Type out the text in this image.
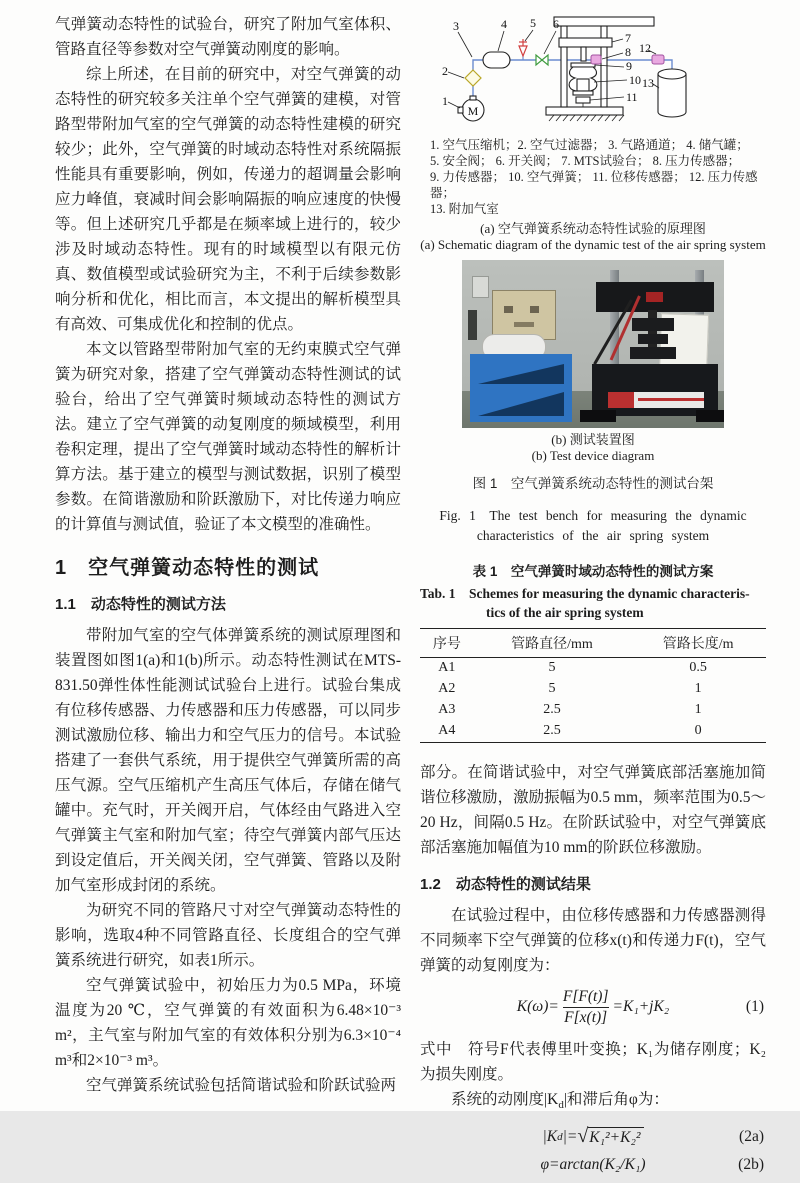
气弹簧动态特性的试验台，研究了附加气室体积、管路直径等参数对空气弹簧动刚度的影响。

综上所述，在目前的研究中，对空气弹簧的动态特性的研究较多关注单个空气弹簧的建模，对管路型带附加气室的空气弹簧的动态特性建模的研究较少；此外，空气弹簧的时域动态特性对系统隔振性能具有重要影响，例如，传递力的超调量会影响应力峰值，衰减时间会影响隔振的响应速度的快慢等。但上述研究几乎都是在频率域上进行的，较少涉及时域动态特性。现有的时域模型以有限元仿真、数值模型或试验研究为主，不利于后续参数影响分析和优化，相比而言，本文提出的解析模型具有高效、可集成优化和控制的优点。

本文以管路型带附加气室的无约束膜式空气弹簧为研究对象，搭建了空气弹簧动态特性测试的试验台，给出了空气弹簧时频域动态特性的测试方法。建立了空气弹簧的动复刚度的频域模型，利用卷积定理，提出了空气弹簧时域动态特性的解析计算方法。基于建立的模型与测试数据，识别了模型参数。在简谐激励和阶跃激励下，对比传递力响应的计算值与测试值，验证了本文模型的准确性。

1　空气弹簧动态特性的测试
1.1　动态特性的测试方法

带附加气室的空气体弹簧系统的测试原理图和装置图如图1(a)和1(b)所示。动态特性测试在MTS-831.50弹性体性能测试试验台上进行。试验台集成有位移传感器、力传感器和压力传感器，可以同步测试激励位移、输出力和空气压力的信号。本试验搭建了一套供气系统，用于提供空气弹簧所需的高压气源。空气压缩机产生高压气体后，存储在储气罐中。充气时，开关阀开启，气体经由气路进入空气弹簧主气室和附加气室；待空气弹簧内部气压达到设定值后，开关阀关闭，空气弹簧、管路以及附加气室形成封闭的系统。

为研究不同的管路尺寸对空气弹簧动态特性的影响，选取4种不同管路直径、长度组合的空气弹簧系统进行研究，如表1所示。

空气弹簧试验中，初始压力为0.5 MPa，环境温度为20 ℃，空气弹簧的有效面积为6.48×10⁻³ m²，主气室与附加气室的有效体积分别为6.3×10⁻⁴ m³和2×10⁻³ m³。

空气弹簧系统试验包括简谐试验和阶跃试验两

M
1
2
3	4 5 6
7
8
9
10
11
12
13
1. 空气压缩机；2. 空气过滤器； 3. 气路通道； 4. 储气罐；
5. 安全阀； 6. 开关阀； 7. MTS试验台； 8. 压力传感器；
9. 力传感器； 10. 空气弹簧； 11. 位移传感器； 12. 压力传感器；
13. 附加气室

(a) 空气弹簧系统动态特性试验的原理图

(a) Schematic diagram of the dynamic test of the air spring system

(b) 测试装置图

(b) Test device diagram

图 1　空气弹簧系统动态特性的测试台架

Fig. 1　The test bench for measuring the dynamic
characteristics of the air spring system

表 1　空气弹簧时域动态特性的测试方案

Tab. 1　Schemes for measuring the dynamic characteris-
tics of the air spring system

序号	管路直径/mm	管路长度/m
A1	5	0.5
A2	5	1
A3	2.5	1
A4	2.5	0

部分。在简谐试验中，对空气弹簧底部活塞施加简谐位移激励，激励振幅为0.5 mm，频率范围为0.5～20 Hz，间隔0.5 Hz。在阶跃试验中，对空气弹簧底部活塞施加幅值为10 mm的阶跃位移激励。

1.2　动态特性的测试结果

在试验过程中，由位移传感器和力传感器测得不同频率下空气弹簧的位移x(t)和传递力F(t)，空气弹簧的动复刚度为：

$K(\omega)= \frac{F[F(t)]}{F[x(t)]} =K_1+jK_2$	(1)

式中　符号F代表傅里叶变换；K₁为储存刚度；K₂为损失刚度。

系统的动刚度$|K_d|$和滞后角φ为：

|K d |= √ K₁²+K₂²	(2a)
φ=arctan(K₂/K₁)	(2b)
